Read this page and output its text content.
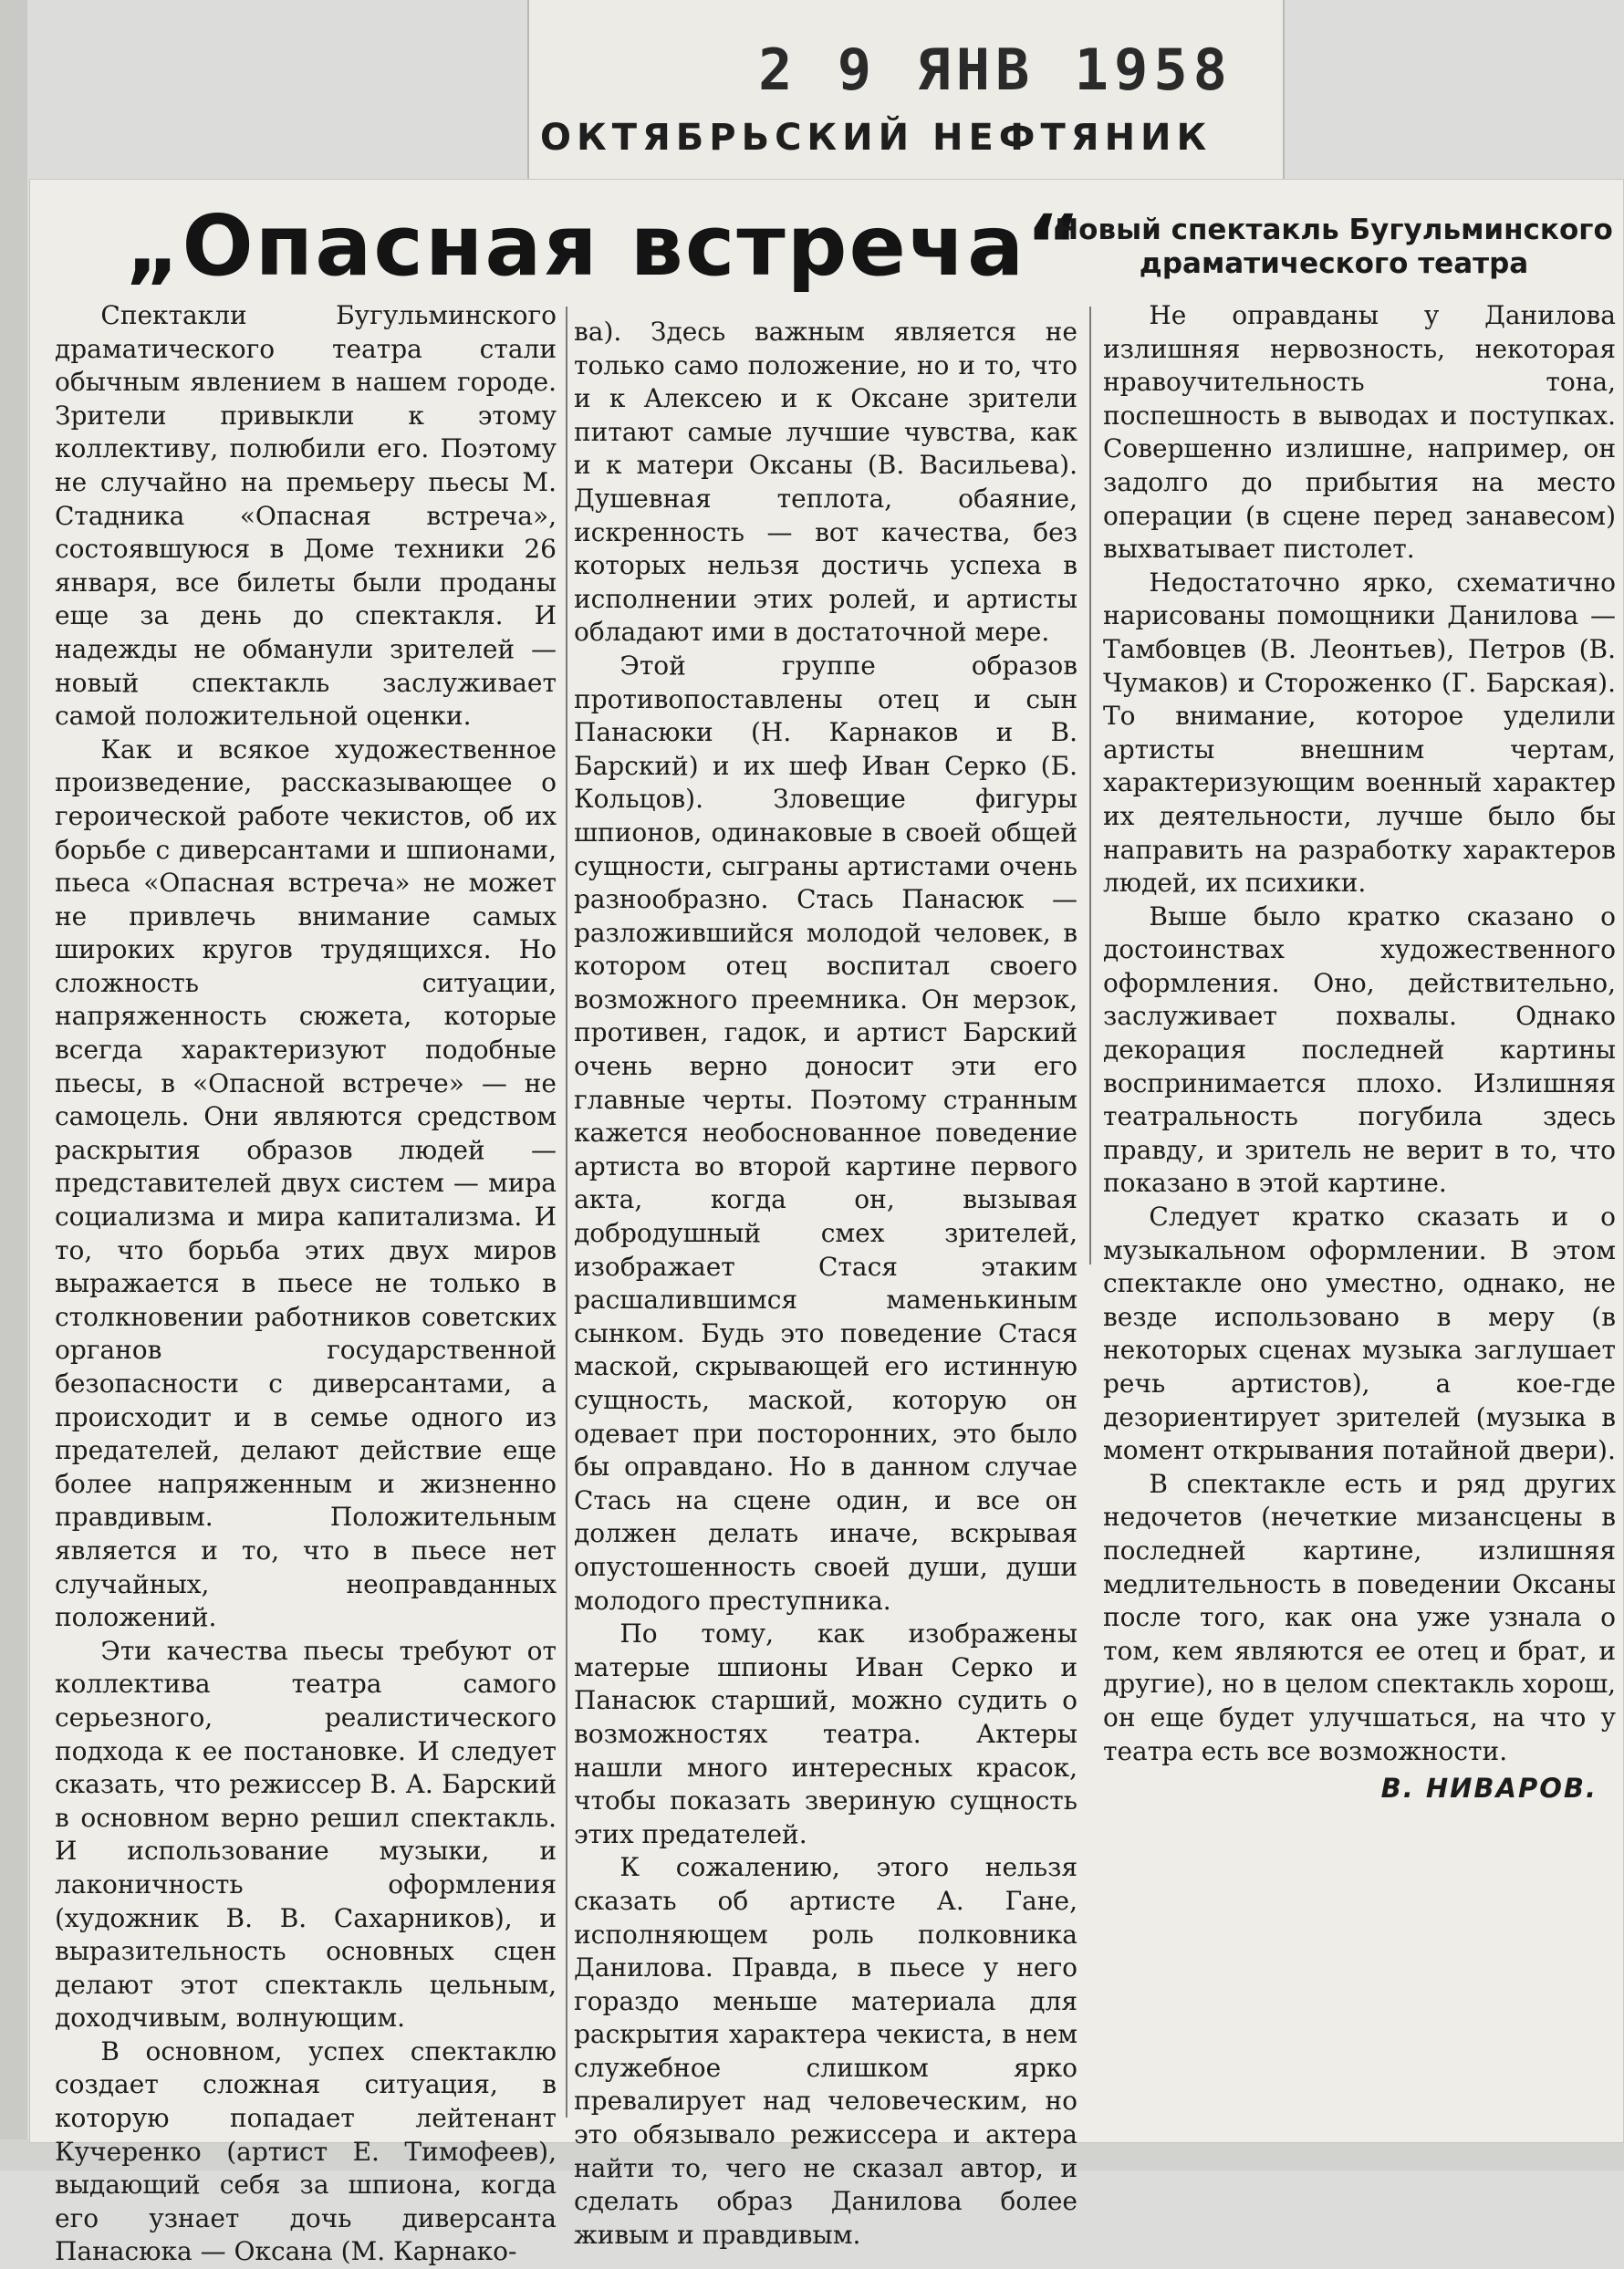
2 9 ЯНВ 1958
ОКТЯБРЬСКИЙ НЕФТЯНИК
„Опасная встреча“
Новый спектакль Бугульминского драматического театра

Спектакли Бугульминского драматического театра стали обычным явлением в нашем городе. Зрители привыкли к этому коллективу, полюбили его. Поэтому не случайно на премьеру пьесы М. Стадника «Опасная встреча», состоявшуюся в Доме техники 26 января, все билеты были проданы еще за день до спектакля. И надежды не обманули зрителей — новый спектакль заслуживает самой положительной оценки.

Как и всякое художественное произведение, рассказывающее о героической работе чекистов, об их борьбе с диверсантами и шпионами, пьеса «Опасная встреча» не может не привлечь внимание самых широких кругов трудящихся. Но сложность ситуации, напряженность сюжета, которые всегда характеризуют подобные пьесы, в «Опасной встрече» — не самоцель. Они являются средством раскрытия образов людей — представителей двух систем — мира социализма и мира капитализма. И то, что борьба этих двух миров выражается в пьесе не только в столкновении работников советских органов государственной безопасности с диверсантами, а происходит и в семье одного из предателей, делают действие еще более напряженным и жизненно правдивым. Положительным является и то, что в пьесе нет случайных, неоправданных положений.

Эти качества пьесы требуют от коллектива театра самого серьезного, реалистического подхода к ее постановке. И следует сказать, что режиссер В. А. Барский в основном верно решил спектакль. И использование музыки, и лаконичность оформления (художник В. В. Сахарников), и выразительность основных сцен делают этот спектакль цельным, доходчивым, волнующим.

В основном, успех спектаклю создает сложная ситуация, в которую попадает лейтенант Кучеренко (артист Е. Тимофеев), выдающий себя за шпиона, когда его узнает дочь диверсанта Панасюка — Оксана (М. Карнако-

ва). Здесь важным является не только само положение, но и то, что и к Алексею и к Оксане зрители питают самые лучшие чувства, как и к матери Оксаны (В. Васильева). Душевная теплота, обаяние, искренность — вот качества, без которых нельзя достичь успеха в исполнении этих ролей, и артисты обладают ими в достаточной мере.

Этой группе образов противопоставлены отец и сын Панасюки (Н. Карнаков и В. Барский) и их шеф Иван Серко (Б. Кольцов). Зловещие фигуры шпионов, одинаковые в своей общей сущности, сыграны артистами очень разнообразно. Стась Панасюк — разложившийся молодой человек, в котором отец воспитал своего возможного преемника. Он мерзок, противен, гадок, и артист Барский очень верно доносит эти его главные черты. Поэтому странным кажется необоснованное поведение артиста во второй картине первого акта, когда он, вызывая добродушный смех зрителей, изображает Стася этаким расшалившимся маменькиным сынком. Будь это поведение Стася маской, скрывающей его истинную сущность, маской, которую он одевает при посторонних, это было бы оправдано. Но в данном случае Стась на сцене один, и все он должен делать иначе, вскрывая опустошенность своей души, души молодого преступника.

По тому, как изображены матерые шпионы Иван Серко и Панасюк старший, можно судить о возможностях театра. Актеры нашли много интересных красок, чтобы показать звериную сущность этих предателей.

К сожалению, этого нельзя сказать об артисте А. Гане, исполняющем роль полковника Данилова. Правда, в пьесе у него гораздо меньше материала для раскрытия характера чекиста, в нем служебное слишком ярко превалирует над человеческим, но это обязывало режиссера и актера найти то, чего не сказал автор, и сделать образ Данилова более живым и правдивым.

Не оправданы у Данилова излишняя нервозность, некоторая нравоучительность тона, поспешность в выводах и поступках. Совершенно излишне, например, он задолго до прибытия на место операции (в сцене перед занавесом) выхватывает пистолет.

Недостаточно ярко, схематично нарисованы помощники Данилова — Тамбовцев (В. Леонтьев), Петров (В. Чумаков) и Стороженко (Г. Барская). То внимание, которое уделили артисты внешним чертам, характеризующим военный характер их деятельности, лучше было бы направить на разработку характеров людей, их психики.

Выше было кратко сказано о достоинствах художественного оформления. Оно, действительно, заслуживает похвалы. Однако декорация последней картины воспринимается плохо. Излишняя театральность погубила здесь правду, и зритель не верит в то, что показано в этой картине.

Следует кратко сказать и о музыкальном оформлении. В этом спектакле оно уместно, однако, не везде использовано в меру (в некоторых сценах музыка заглушает речь артистов), а кое-где дезориентирует зрителей (музыка в момент открывания потайной двери).

В спектакле есть и ряд других недочетов (нечеткие мизансцены в последней картине, излишняя медлительность в поведении Оксаны после того, как она уже узнала о том, кем являются ее отец и брат, и другие), но в целом спектакль хорош, он еще будет улучшаться, на что у театра есть все возможности.

В. НИВАРОВ.
